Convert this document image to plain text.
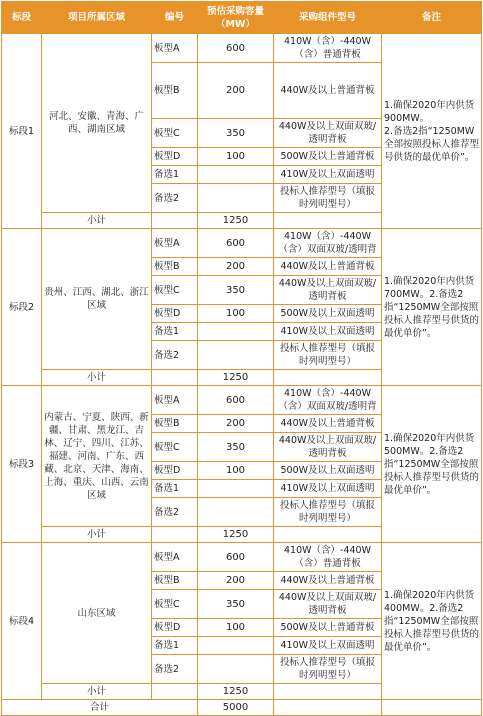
标段	项目所属区域	编号	预估采购容量（MW）	采购组件型号	备注
标段1	河北、安徽、青海、广西、湖南区域	板型A	600	410W（含）-440W（含）普通背板	1.确保2020年内供货900MW。
2.备选2指“1250MW全部按照投标人推荐型号供货的最优单价”。

		板型B	200	440W及以上普通背板	
		板型C	350	440W及以上双面双玻/透明背板	
		板型D	100	500W及以上普通背板	
		备选1		410W及以上双面透明	
		备选2		投标人推荐型号（填报时列明型号）	
	小计		1250		
标段2	贵州、江西、湖北、浙江区域	板型A	600	410W（含）-440W（含）双面双玻/透明背	1.确保2020年内供货700MW。2.备选2指“1250MW全部按照投标人推荐型号供货的最优单价”。

		板型B	200	440W及以上普通背板	
		板型C	350	440W及以上双面双玻/透明背板	
		板型D	100	500W及以上双面透明	
		备选1		410W及以上双面透明	
		备选2		投标人推荐型号（填报时列明型号）	
	小计		1250		
标段3	内蒙古、宁夏、陕西、新疆、甘肃、黑龙江、吉林、辽宁、四川、江苏、福建、河南、广东、西藏、北京、天津、海南、上海、重庆、山西、云南区域	板型A	600	410W（含）-440W（含）双面双玻/透明背	1.确保2020年内供货500MW。2.备选2指“1250MW全部按照投标人推荐型号供货的最优单价”。

		板型B	200	440W及以上普通背板	
		板型C	350	440W及以上双面双玻/透明背板	
		板型D	100	500W及以上双面透明	
		备选1		410W及以上双面透明	
		备选2		投标人推荐型号（填报时列明型号）	
	小计		1250		
标段4	山东区域	板型A	600	410W（含）-440W（含）普通背板	1.确保2020年内供货400MW。2.备选2指“1250MW全部按照投标人推荐型号供货的最优单价”。

		板型B	200	440W及以上普通背板	
		板型C	350	440W及以上双面双玻/透明背板	
		板型D	100	500W及以上普通背板	
		备选1		410W及以上双面透明	
		备选2		投标人推荐型号（填报时列明型号）	
	小计		1250		
合计			5000		
